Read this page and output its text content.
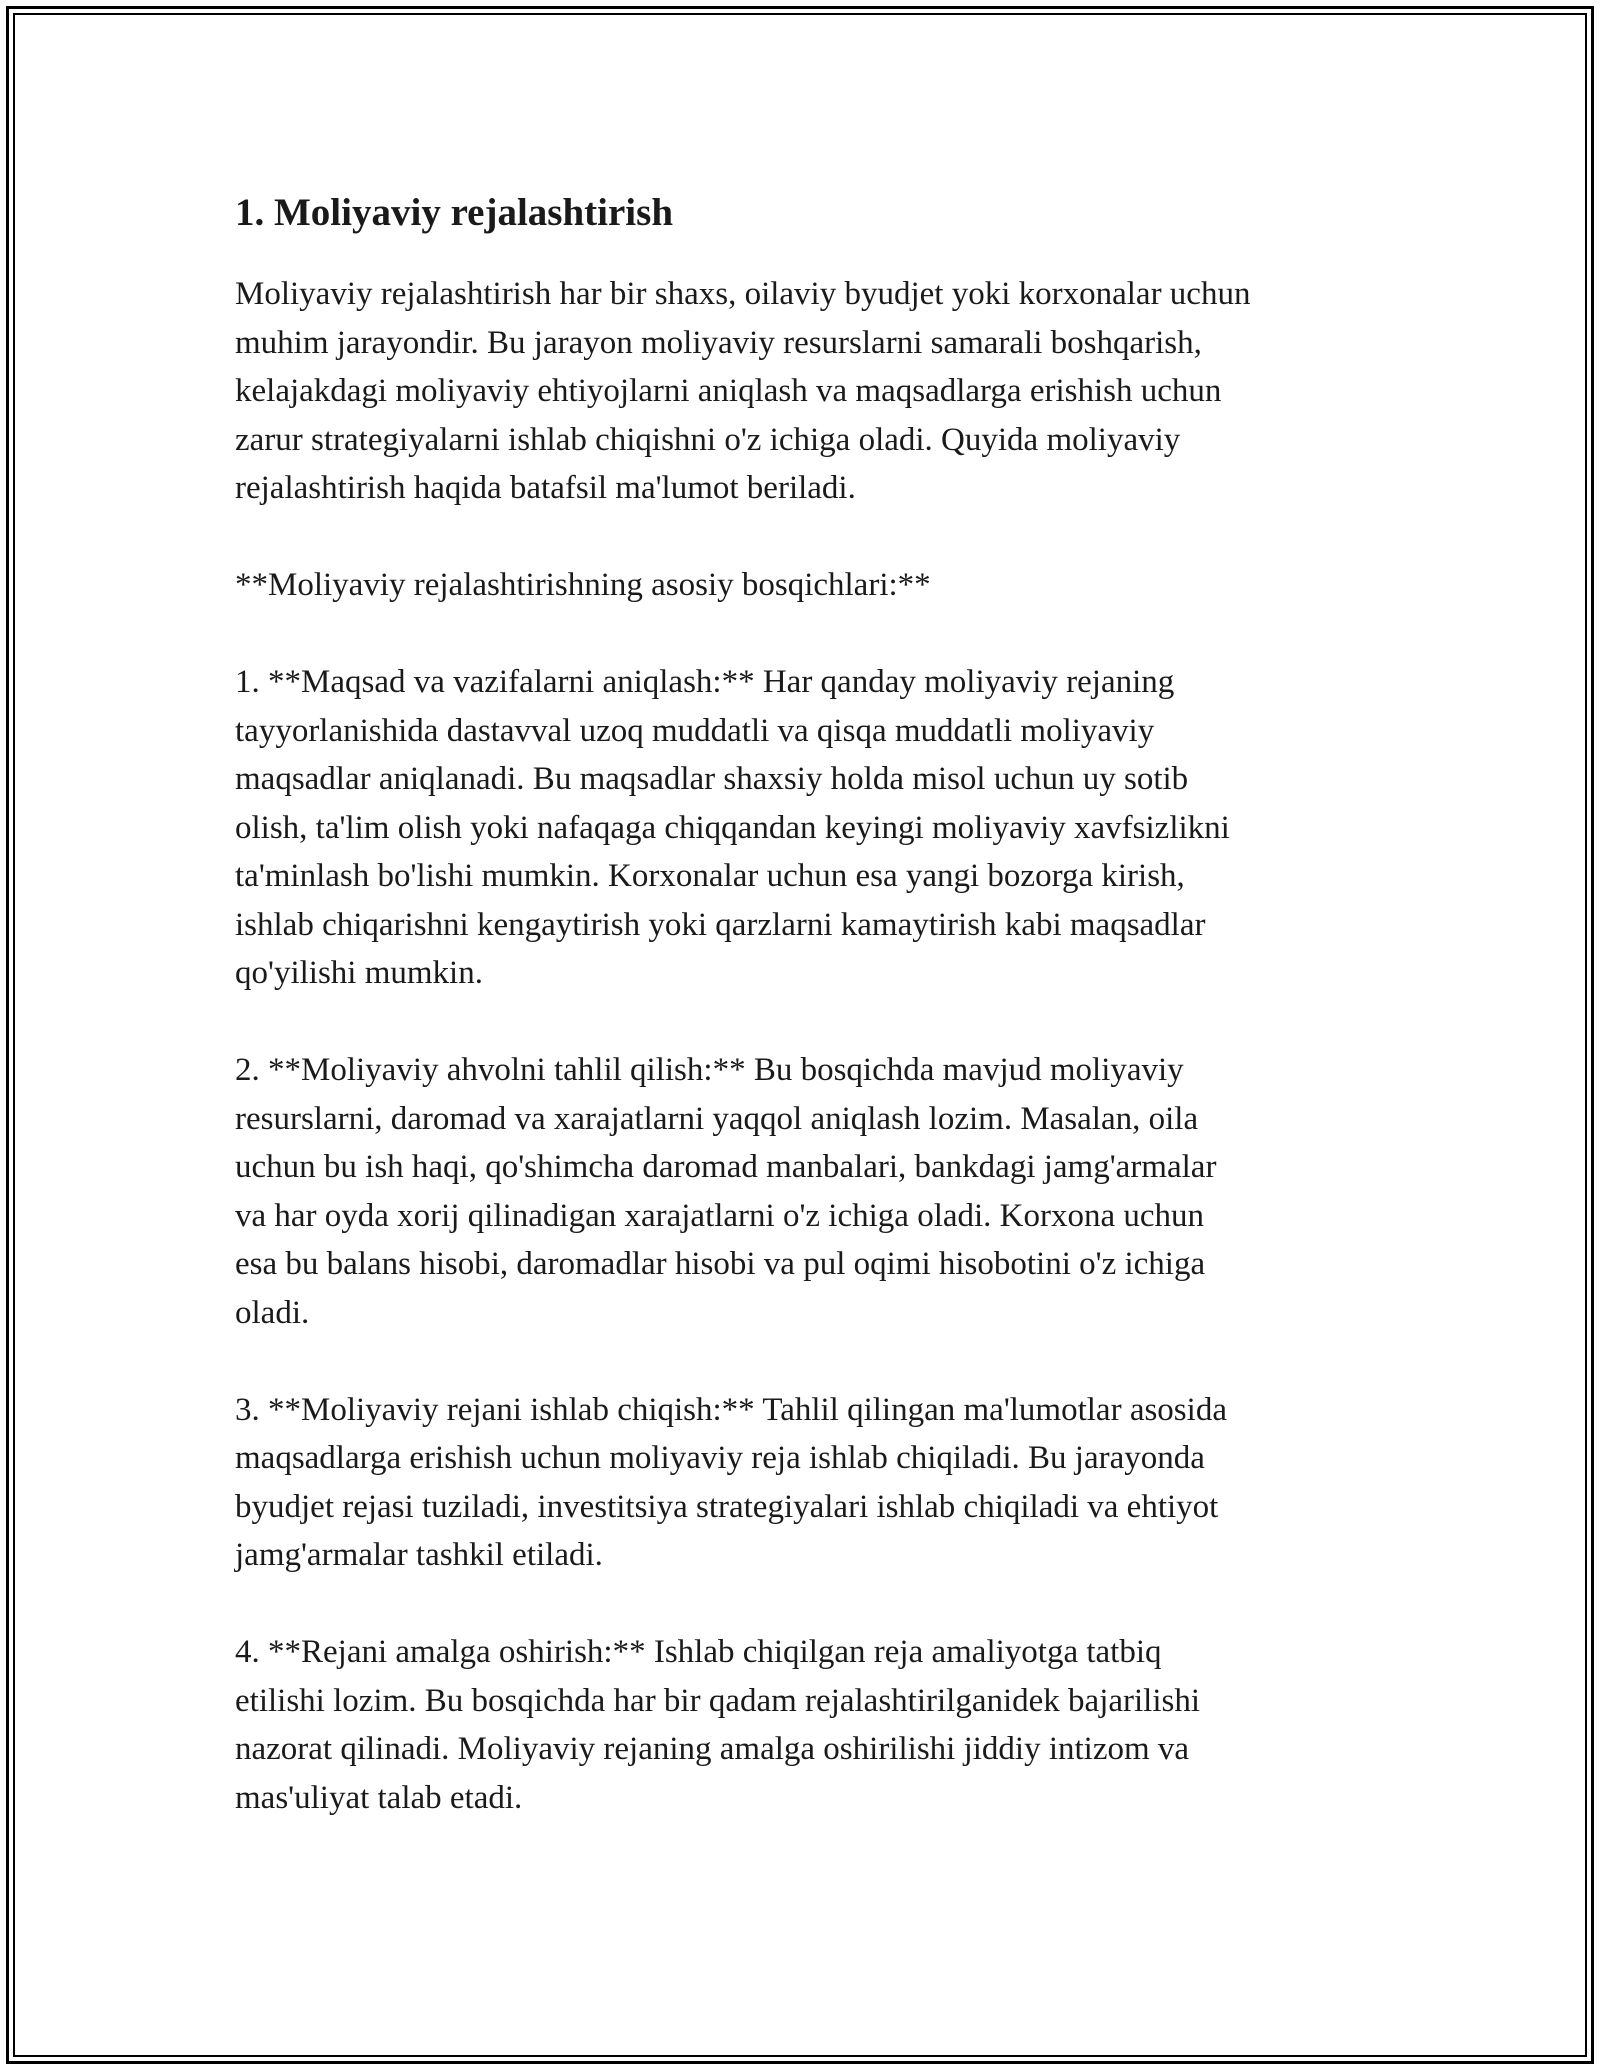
1. Moliyaviy rejalashtirish
Moliyaviy rejalashtirish har bir shaxs, oilaviy byudjet yoki korxonalar uchun
muhim jarayondir. Bu jarayon moliyaviy resurslarni samarali boshqarish,
kelajakdagi moliyaviy ehtiyojlarni aniqlash va maqsadlarga erishish uchun
zarur strategiyalarni ishlab chiqishni o'z ichiga oladi. Quyida moliyaviy
rejalashtirish haqida batafsil ma'lumot beriladi.
**Moliyaviy rejalashtirishning asosiy bosqichlari:**
1. **Maqsad va vazifalarni aniqlash:** Har qanday moliyaviy rejaning
tayyorlanishida dastavval uzoq muddatli va qisqa muddatli moliyaviy
maqsadlar aniqlanadi. Bu maqsadlar shaxsiy holda misol uchun uy sotib
olish, ta'lim olish yoki nafaqaga chiqqandan keyingi moliyaviy xavfsizlikni
ta'minlash bo'lishi mumkin. Korxonalar uchun esa yangi bozorga kirish,
ishlab chiqarishni kengaytirish yoki qarzlarni kamaytirish kabi maqsadlar
qo'yilishi mumkin.
2. **Moliyaviy ahvolni tahlil qilish:** Bu bosqichda mavjud moliyaviy
resurslarni, daromad va xarajatlarni yaqqol aniqlash lozim. Masalan, oila
uchun bu ish haqi, qo'shimcha daromad manbalari, bankdagi jamg'armalar
va har oyda xorij qilinadigan xarajatlarni o'z ichiga oladi. Korxona uchun
esa bu balans hisobi, daromadlar hisobi va pul oqimi hisobotini o'z ichiga
oladi.
3. **Moliyaviy rejani ishlab chiqish:** Tahlil qilingan ma'lumotlar asosida
maqsadlarga erishish uchun moliyaviy reja ishlab chiqiladi. Bu jarayonda
byudjet rejasi tuziladi, investitsiya strategiyalari ishlab chiqiladi va ehtiyot
jamg'armalar tashkil etiladi.
4. **Rejani amalga oshirish:** Ishlab chiqilgan reja amaliyotga tatbiq
etilishi lozim. Bu bosqichda har bir qadam rejalashtirilganidek bajarilishi
nazorat qilinadi. Moliyaviy rejaning amalga oshirilishi jiddiy intizom va
mas'uliyat talab etadi.
